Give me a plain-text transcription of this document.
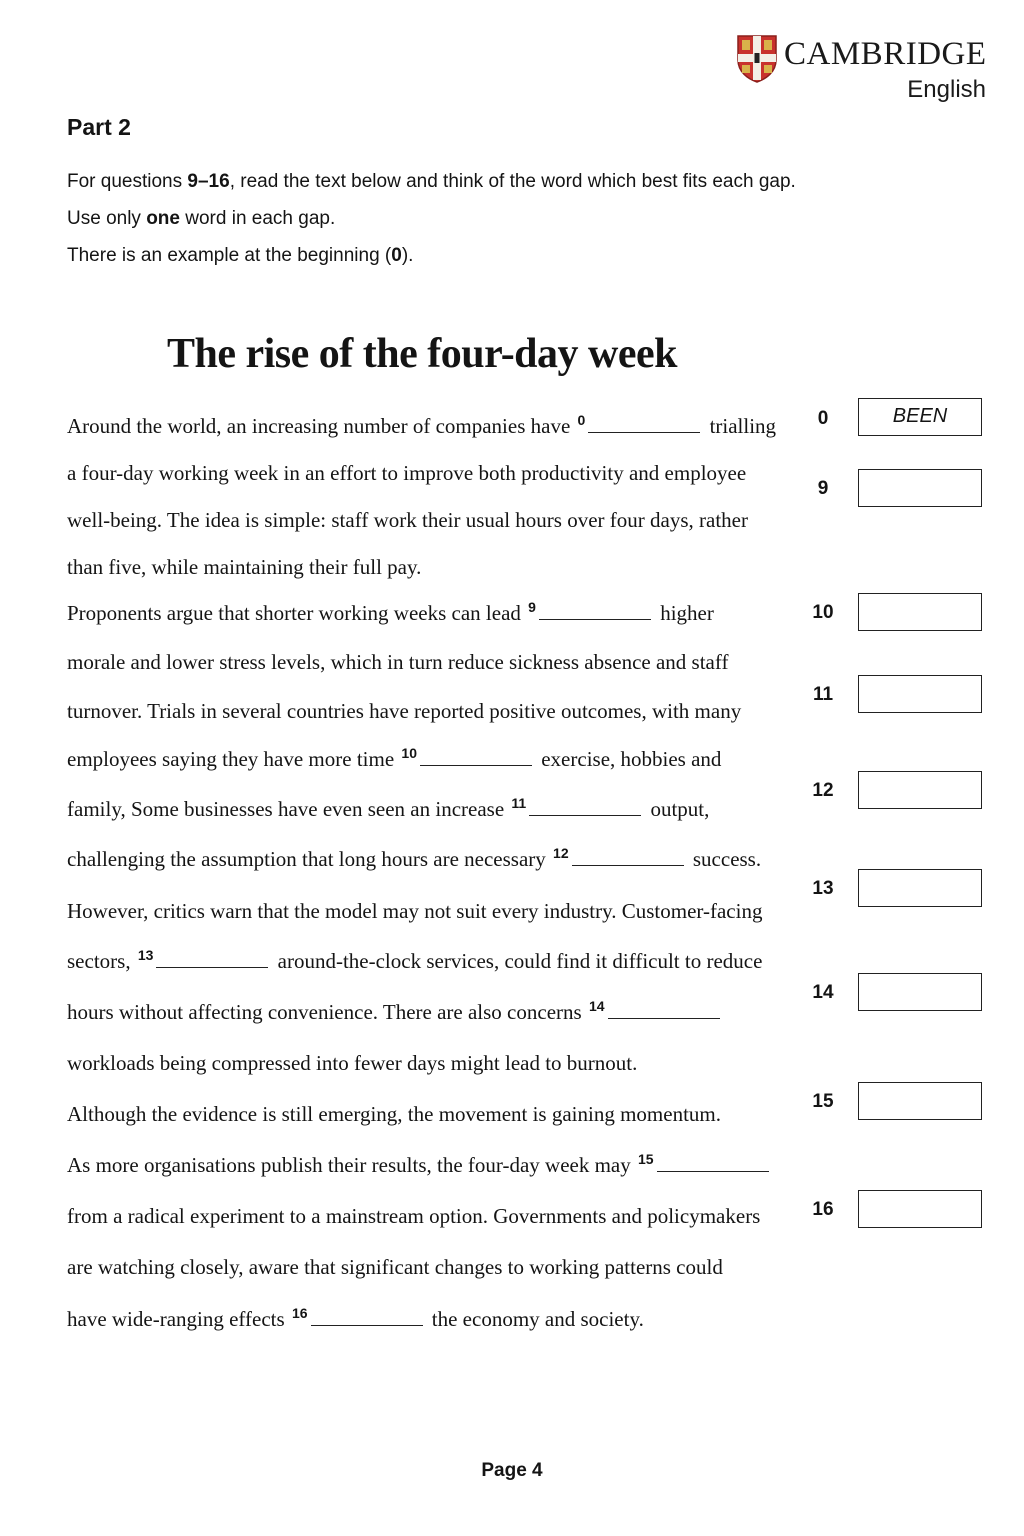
CAMBRIDGE
English
Part 2
For questions 9–16, read the text below and think of the word which best fits each gap.
Use only one word in each gap.
There is an example at the beginning (0).
The rise of the four-day week
Around the world, an increasing number of companies have $^0$	trialling
a four-day working week in an effort to improve both productivity and employee
well-being. The idea is simple: staff work their usual hours over four days, rather
than five, while maintaining their full pay.
Proponents argue that shorter working weeks can lead $^9$	higher
morale and lower stress levels, which in turn reduce sickness absence and staff
turnover. Trials in several countries have reported positive outcomes, with many
employees saying they have more time $^{10}$	exercise, hobbies and
family, Some businesses have even seen an increase $^{11}$	output,
challenging the assumption that long hours are necessary $^{12}$	success.
However, critics warn that the model may not suit every industry. Customer-facing
sectors, $^{13}$	around-the-clock services, could find it difficult to reduce
hours without affecting convenience. There are also concerns $^{14}$
workloads being compressed into fewer days might lead to burnout.
Although the evidence is still emerging, the movement is gaining momentum.
As more organisations publish their results, the four-day week may $^{15}$
from a radical experiment to a mainstream option. Governments and policymakers
are watching closely, aware that significant changes to working patterns could
have wide-ranging effects $^{16}$	the economy and society.
0	BEEN
9
10
11
12
13
14
15
16
Page 4
